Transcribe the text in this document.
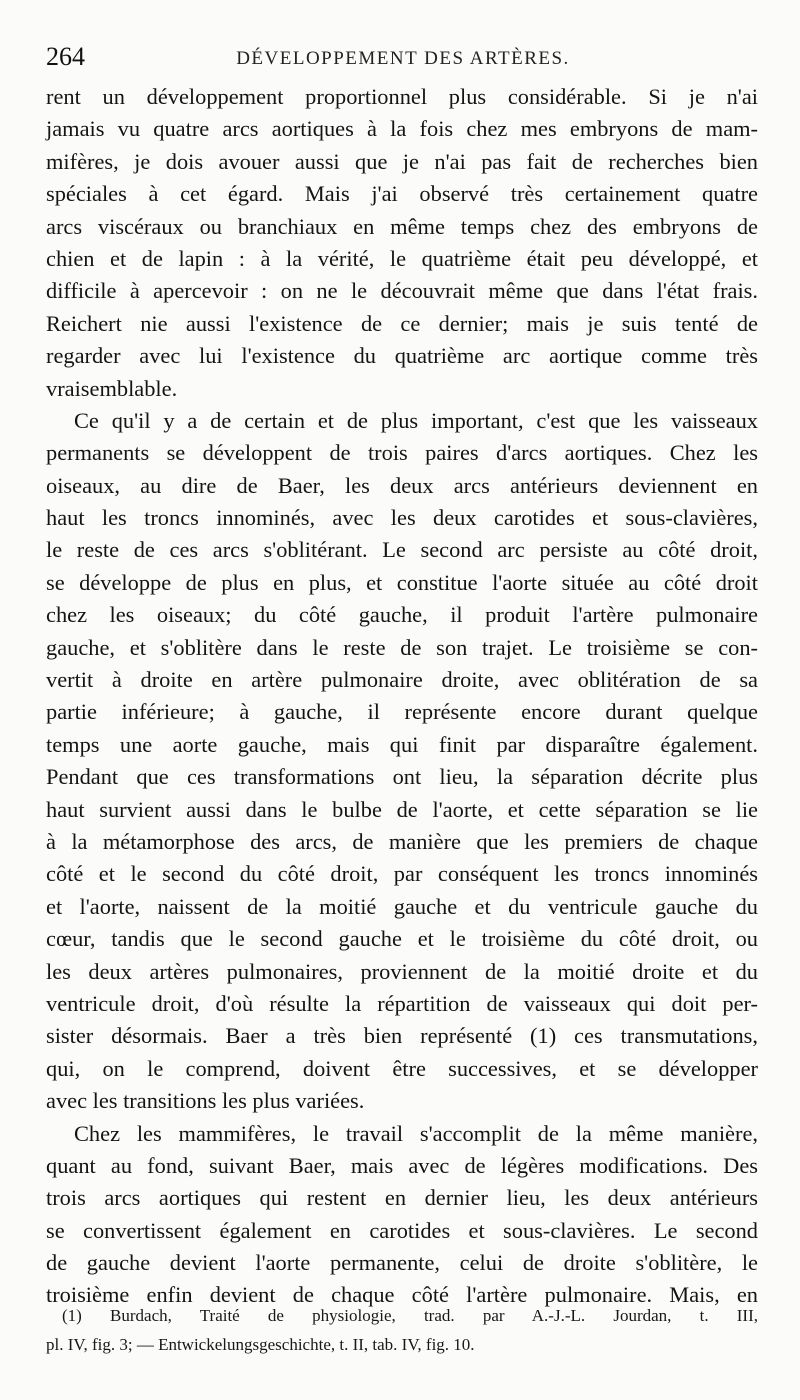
264	DÉVELOPPEMENT DES ARTÈRES.
rent un développement proportionnel plus considérable. Si je n'ai
jamais vu quatre arcs aortiques à la fois chez mes embryons de mam-
mifères, je dois avouer aussi que je n'ai pas fait de recherches bien
spéciales à cet égard. Mais j'ai observé très certainement quatre
arcs viscéraux ou branchiaux en même temps chez des embryons de
chien et de lapin : à la vérité, le quatrième était peu développé, et
difficile à apercevoir : on ne le découvrait même que dans l'état frais.
Reichert nie aussi l'existence de ce dernier; mais je suis tenté de
regarder avec lui l'existence du quatrième arc aortique comme très
vraisemblable.
Ce qu'il y a de certain et de plus important, c'est que les vaisseaux
permanents se développent de trois paires d'arcs aortiques. Chez les
oiseaux, au dire de Baer, les deux arcs antérieurs deviennent en
haut les troncs innominés, avec les deux carotides et sous-clavières,
le reste de ces arcs s'oblitérant. Le second arc persiste au côté droit,
se développe de plus en plus, et constitue l'aorte située au côté droit
chez les oiseaux; du côté gauche, il produit l'artère pulmonaire
gauche, et s'oblitère dans le reste de son trajet. Le troisième se con-
vertit à droite en artère pulmonaire droite, avec oblitération de sa
partie inférieure; à gauche, il représente encore durant quelque
temps une aorte gauche, mais qui finit par disparaître également.
Pendant que ces transformations ont lieu, la séparation décrite plus
haut survient aussi dans le bulbe de l'aorte, et cette séparation se lie
à la métamorphose des arcs, de manière que les premiers de chaque
côté et le second du côté droit, par conséquent les troncs innominés
et l'aorte, naissent de la moitié gauche et du ventricule gauche du
cœur, tandis que le second gauche et le troisième du côté droit, ou
les deux artères pulmonaires, proviennent de la moitié droite et du
ventricule droit, d'où résulte la répartition de vaisseaux qui doit per-
sister désormais. Baer a très bien représenté (1) ces transmutations,
qui, on le comprend, doivent être successives, et se développer
avec les transitions les plus variées.
Chez les mammifères, le travail s'accomplit de la même manière,
quant au fond, suivant Baer, mais avec de légères modifications. Des
trois arcs aortiques qui restent en dernier lieu, les deux antérieurs
se convertissent également en carotides et sous-clavières. Le second
de gauche devient l'aorte permanente, celui de droite s'oblitère, le
troisième enfin devient de chaque côté l'artère pulmonaire. Mais, en
(1) Burdach, Traité de physiologie, trad. par A.-J.-L. Jourdan, t. III,
pl. IV, fig. 3; — Entwickelungsgeschichte, t. II, tab. IV, fig. 10.
